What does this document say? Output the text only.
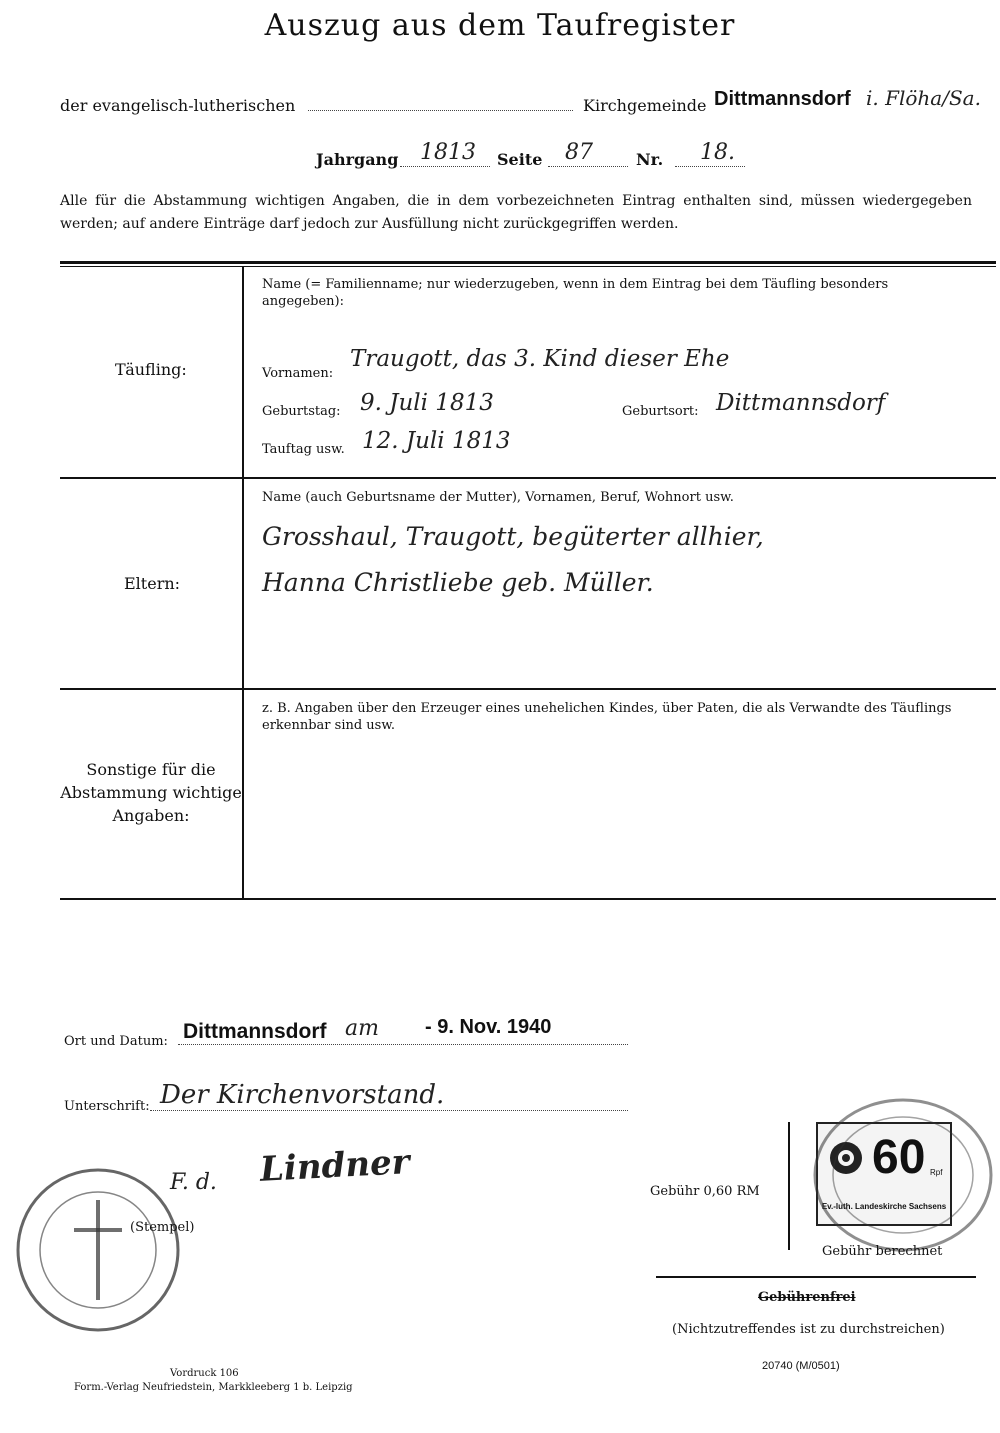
Auszug aus dem Taufregister
der evangelisch-lutherischen	Kirchgemeinde Dittmannsdorf i. Flöha/Sa.
Jahrgang 1813 Seite 87	Nr. 18.
Alle für die Abstammung wichtigen Angaben, die in dem vorbezeichneten Eintrag enthalten sind, müssen wiedergegeben werden; auf andere Einträge darf jedoch zur Ausfüllung nicht zurückgegriffen werden.
Täufling:
Name (= Familienname; nur wiederzugeben, wenn in dem Eintrag bei dem Täufling besonders angegeben):
Vornamen:
Traugott, das 3. Kind dieser Ehe
Geburtstag: 9. Juli 1813	Geburtsort: Dittmannsdorf
Tauftag usw. 12. Juli 1813
Eltern:
Name (auch Geburtsname der Mutter), Vornamen, Beruf, Wohnort usw.
Grosshaul, Traugott, begüterter allhier,
Hanna Christliebe geb. Müller.
Sonstige für die
Abstammung wichtige
Angaben:
z. B. Angaben über den Erzeuger eines unehelichen Kindes, über Paten, die als Verwandte des Täuflings erkennbar sind usw.
Ort und Datum: Dittmannsdorf am - 9. Nov. 1940
Unterschrift: Der Kirchenvorstand.
F. d. Lindner
(Stempel)
Gebühr 0,60 RM
60 Rpf
Ev.-luth. Landeskirche Sachsens
Gebühr berechnet
Gebührenfrei
(Nichtzutreffendes ist zu durchstreichen)
20740 (M/0501)
Vordruck 106
Form.-Verlag Neufriedstein, Markkleeberg 1 b. Leipzig
